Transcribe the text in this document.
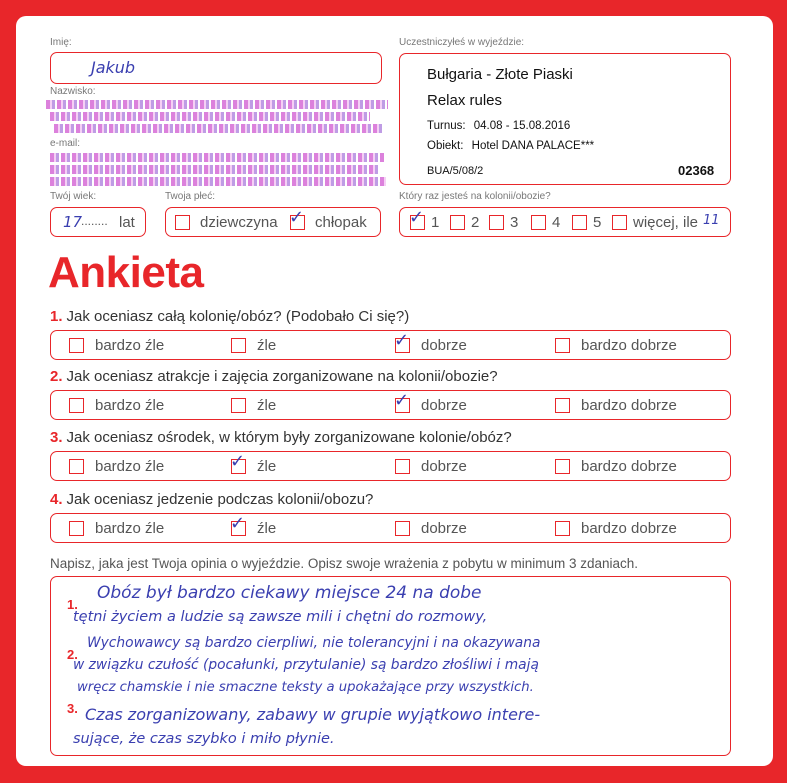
Imię:
Jakub
Nazwisko:
e-mail:
Uczestniczyłeś w wyjeździe:
Bułgaria - Złote Piaski
Relax rules
Turnus: 04.08 - 15.08.2016
Obiekt: Hotel DANA PALACE***
BUA/5/08/2	02368
Twój wiek:
17
........ lat
Twoja płeć:
dziewczyna ✓ chłopak
Który raz jesteś na kolonii/obozie?
✓ 1 2 3 4 5 więcej, ile 11
Ankieta
1. Jak oceniasz całą kolonię/obóz? (Podobało Ci się?)
bardzo źle	źle	✓ dobrze	bardzo dobrze
2. Jak oceniasz atrakcje i zajęcia zorganizowane na kolonii/obozie?
bardzo źle	źle	✓ dobrze	bardzo dobrze
3. Jak oceniasz ośrodek, w którym były zorganizowane kolonie/obóz?
bardzo źle	✓ źle	dobrze	bardzo dobrze
4. Jak oceniasz jedzenie podczas kolonii/obozu?
bardzo źle	✓ źle	dobrze	bardzo dobrze
Napisz, jaka jest Twoja opinia o wyjeździe. Opisz swoje wrażenia z pobytu w minimum 3 zdaniach.
1.
2.
3.
Obóz był bardzo ciekawy miejsce 24 na dobe
tętni życiem a ludzie są zawsze mili i chętni do rozmowy,
Wychowawcy są bardzo cierpliwi, nie tolerancyjni i na okazywana
w związku czułość (pocałunki, przytulanie) są bardzo złośliwi i mają
wręcz chamskie i nie smaczne teksty a upokażające przy wszystkich.
Czas zorganizowany, zabawy w grupie wyjątkowo intere-
sujące, że czas szybko i miło płynie.
